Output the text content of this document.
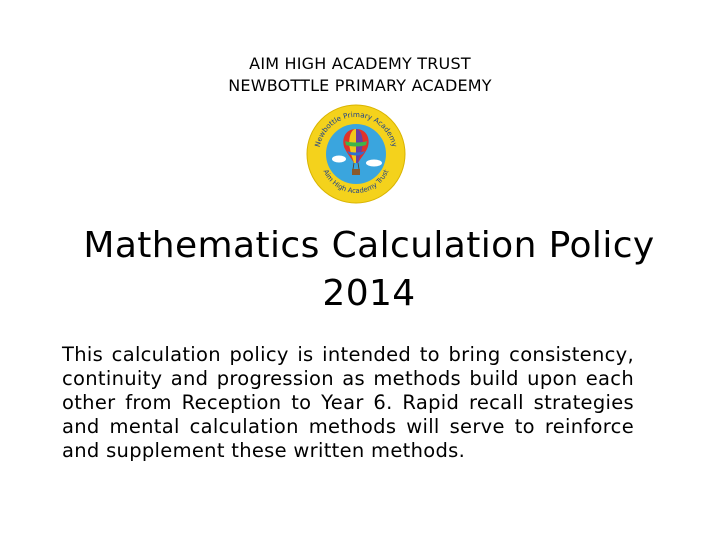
AIM HIGH ACADEMY TRUST
NEWBOTTLE PRIMARY ACADEMY
Newbottle Primary Academy
Aim High Academy Trust
Mathematics Calculation Policy
2014
This calculation policy is intended to bring consistency, continuity and progression as methods build upon each other from Reception to Year 6. Rapid recall strategies and mental calculation methods will serve to reinforce and supplement these written methods.
